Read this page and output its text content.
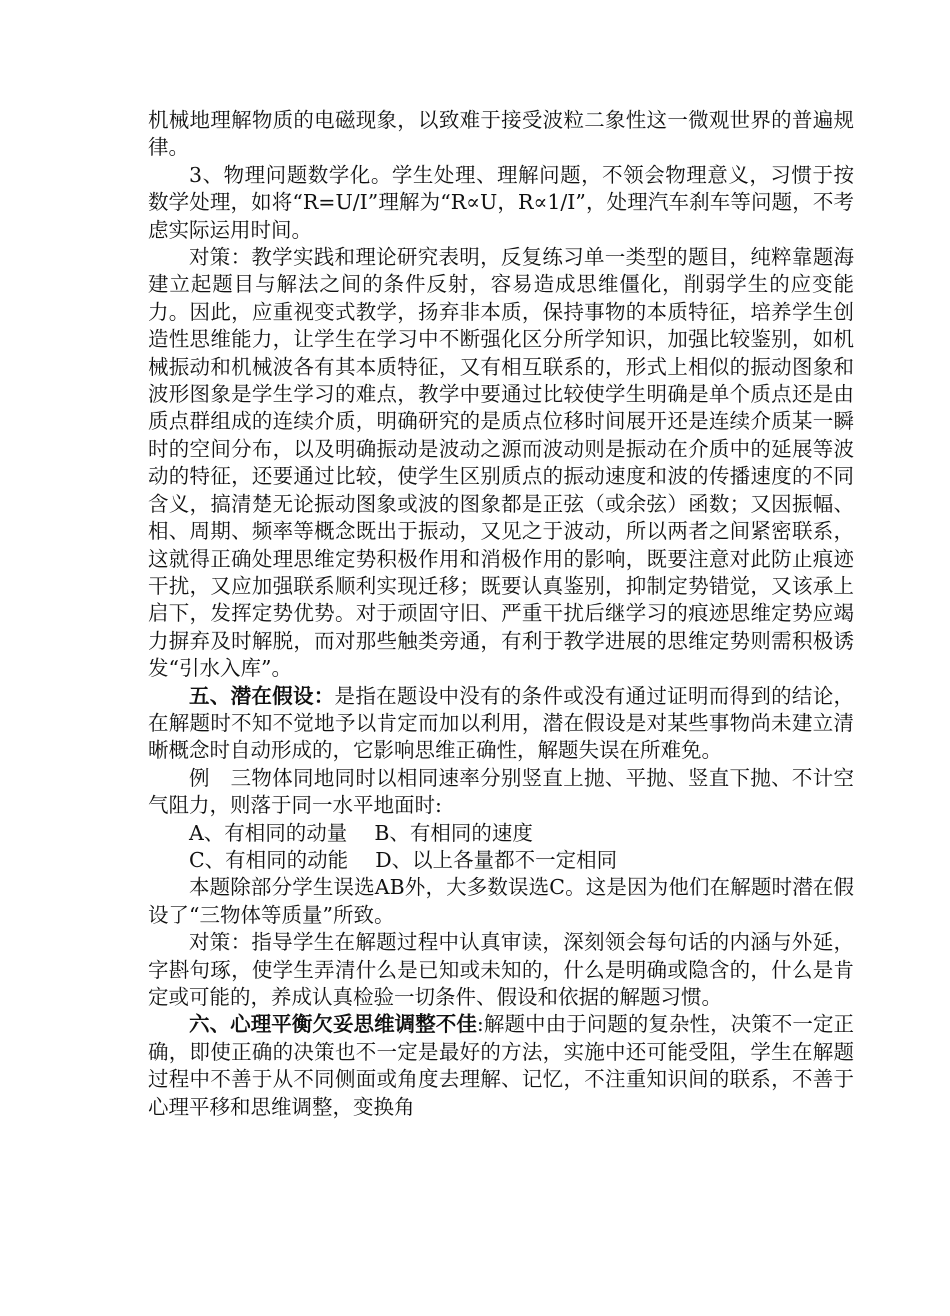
机械地理解物质的电磁现象，以致难于接受波粒二象性这一微观世界的普遍规律。

3、物理问题数学化。学生处理、理解问题，不领会物理意义，习惯于按数学处理，如将“R=U/I”理解为“R∝U，R∝1/I”，处理汽车刹车等问题，不考虑实际运用时间。

对策：教学实践和理论研究表明，反复练习单一类型的题目，纯粹靠题海建立起题目与解法之间的条件反射，容易造成思维僵化，削弱学生的应变能力。因此，应重视变式教学，扬弃非本质，保持事物的本质特征，培养学生创造性思维能力，让学生在学习中不断强化区分所学知识，加强比较鉴别，如机械振动和机械波各有其本质特征，又有相互联系的，形式上相似的振动图象和波形图象是学生学习的难点，教学中要通过比较使学生明确是单个质点还是由质点群组成的连续介质，明确研究的是质点位移时间展开还是连续介质某一瞬时的空间分布，以及明确振动是波动之源而波动则是振动在介质中的延展等波动的特征，还要通过比较，使学生区别质点的振动速度和波的传播速度的不同含义，搞清楚无论振动图象或波的图象都是正弦（或余弦）函数；又因振幅、相、周期、频率等概念既出于振动，又见之于波动，所以两者之间紧密联系，这就得正确处理思维定势积极作用和消极作用的影响，既要注意对此防止痕迹干扰，又应加强联系顺利实现迁移；既要认真鉴别，抑制定势错觉，又该承上启下，发挥定势优势。对于顽固守旧、严重干扰后继学习的痕迹思维定势应竭力摒弃及时解脱，而对那些触类旁通，有利于教学进展的思维定势则需积极诱发“引水入库”。

五、潜在假设：是指在题设中没有的条件或没有通过证明而得到的结论，在解题时不知不觉地予以肯定而加以利用，潜在假设是对某些事物尚未建立清晰概念时自动形成的，它影响思维正确性，解题失误在所难免。

例　三物体同地同时以相同速率分别竖直上抛、平抛、竖直下抛、不计空气阻力，则落于同一水平地面时:

A、有相同的动量　 B、有相同的速度

C、有相同的动能　 D、以上各量都不一定相同

本题除部分学生误选AB外，大多数误选C。这是因为他们在解题时潜在假设了“三物体等质量”所致。

对策：指导学生在解题过程中认真审读，深刻领会每句话的内涵与外延，字斟句琢，使学生弄清什么是已知或未知的，什么是明确或隐含的，什么是肯定或可能的，养成认真检验一切条件、假设和依据的解题习惯。

六、心理平衡欠妥思维调整不佳:解题中由于问题的复杂性，决策不一定正确，即使正确的决策也不一定是最好的方法，实施中还可能受阻，学生在解题过程中不善于从不同侧面或角度去理解、记忆，不注重知识间的联系，不善于心理平移和思维调整，变换角
